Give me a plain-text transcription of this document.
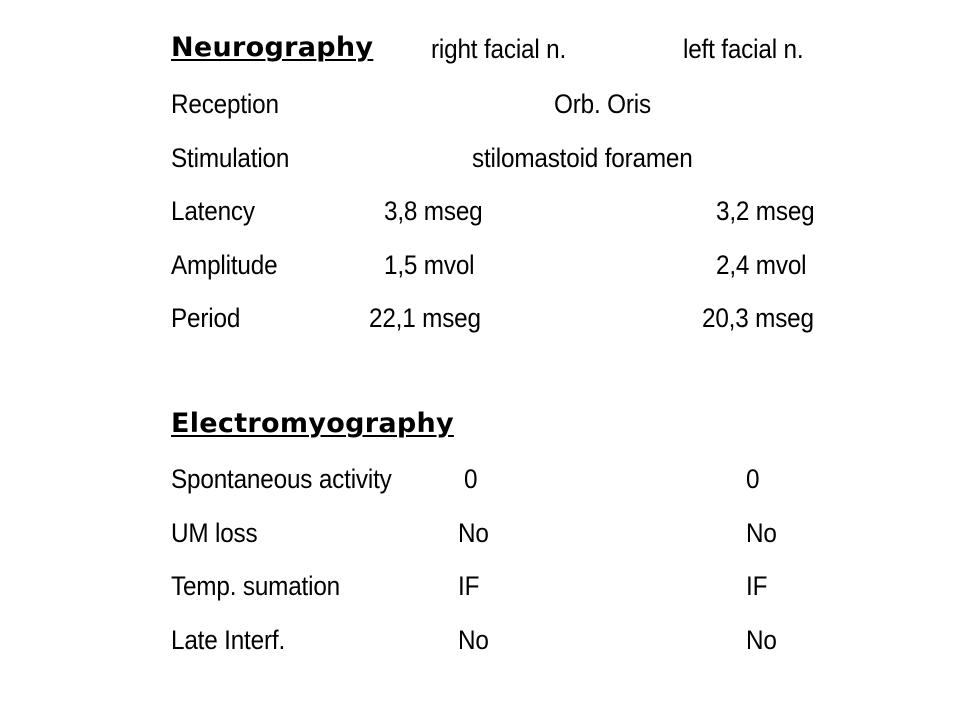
Neurography right facial n.	left facial n.
Reception	Orb. Oris
Stimulation	stilomastoid foramen
Latency	3,8 mseg	3,2 mseg
Amplitude	1,5 mvol	2,4 mvol
Period	22,1 mseg	20,3 mseg
Electromyography
Spontaneous activity	0	0
UM loss	No	No
Temp. sumation	IF	IF
Late Interf.	No	No
